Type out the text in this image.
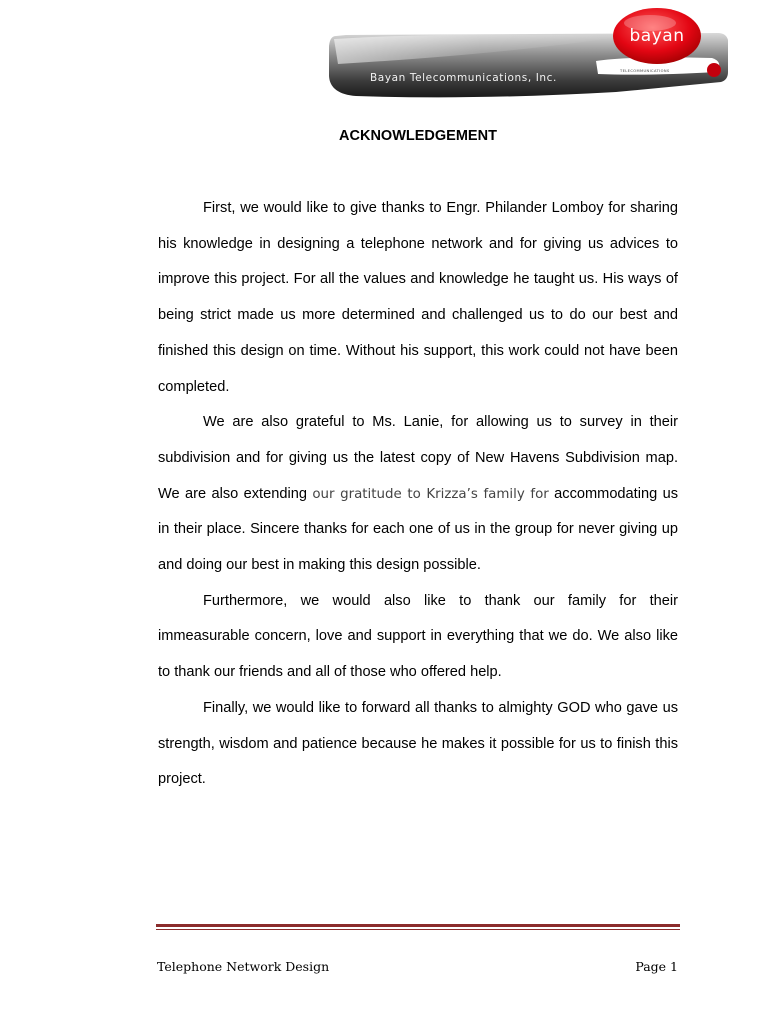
bayan
TELECOMMUNICATIONS
Bayan Telecommunications, Inc.
ACKNOWLEDGEMENT

First, we would like to give thanks to Engr. Philander Lomboy for sharing his knowledge in designing a telephone network and for giving us advices to improve this project. For all the values and knowledge he taught us. His ways of being strict made us more determined and challenged us to do our best and finished this design on time. Without his support, this work could not have been completed.

We are also grateful to Ms. Lanie, for allowing us to survey in their subdivision and for giving us the latest copy of New Havens Subdivision map. We are also extending our gratitude to Krizza’s family for accommodating us in their place. Sincere thanks for each one of us in the group for never giving up and doing our best in making this design possible.

Furthermore, we would also like to thank our family for their immeasurable concern, love and support in everything that we do. We also like to thank our friends and all of those who offered help.

Finally, we would like to forward all thanks to almighty GOD who gave us strength, wisdom and patience because he makes it possible for us to finish this project.

Telephone Network Design	Page 1
